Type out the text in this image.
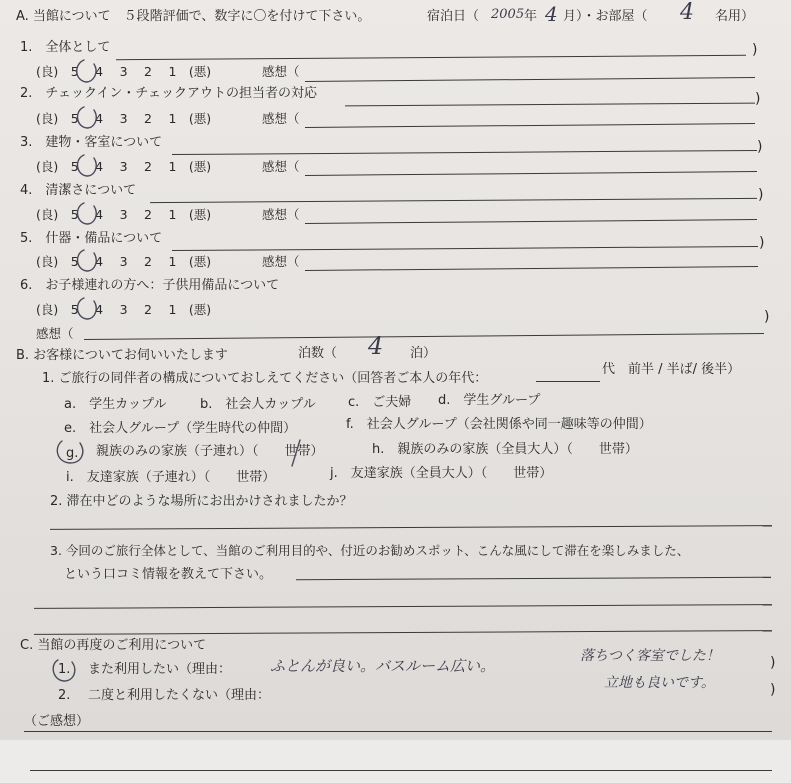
A. 当館について　５段階評価で、数字に〇を付けて下さい。	宿泊日（ 2005 年 4 月）・お部屋（ 4 名用）
1.　全体として	)
(良)　5　 4　 3　 2　 1　(悪)	感想（
2.　チェックイン・チェックアウトの担当者の対応	)
(良)　5　 4　 3　 2　 1　(悪)	感想（
3.　建物・客室について	)
(良)　5　 4　 3　 2　 1　(悪)	感想（
4.　清潔さについて	)
(良)　5　 4　 3　 2　 1　(悪)	感想（
5.　什器・備品について	)
(良)　5　 4　 3　 2　 1　(悪)	感想（
6.　お子様連れの方へ：子供用備品について
(良)　5　 4　 3　 2　 1　(悪)
感想（
)
B. お客様についてお伺いいたします	泊数（ 4 泊）
1. ご旅行の同伴者の構成についておしえてください（回答者ご本人の年代：
代　前半 / 半ば/ 後半）
a.　学生カップル	b.　社会人カップル c.　ご夫婦 d.　学生グループ
e.　社会人グループ（学生時代の仲間）	f.　社会人グループ（会社関係や同一趣味等の仲間）
g. 親族のみの家族（子連れ）（　　世帯）	h.　親族のみの家族（全員大人）（　　世帯）
i.　友達家族（子連れ）（　　世帯）	j.　友達家族（全員大人）（　　世帯）
2. 滞在中どのような場所にお出かけされましたか？
3. 今回のご旅行全体として、当館のご利用目的や、付近のお勧めスポット、こんな風にして滞在を楽しみました、
という口コミ情報を教えて下さい。
C. 当館の再度のご利用について
1. また利用したい（理由：	ふとんが良い。バスルーム広い。
落ちつく客室でした！
立地も良いです。
)
2. 二度と利用したくない（理由：	)
（ご感想）
